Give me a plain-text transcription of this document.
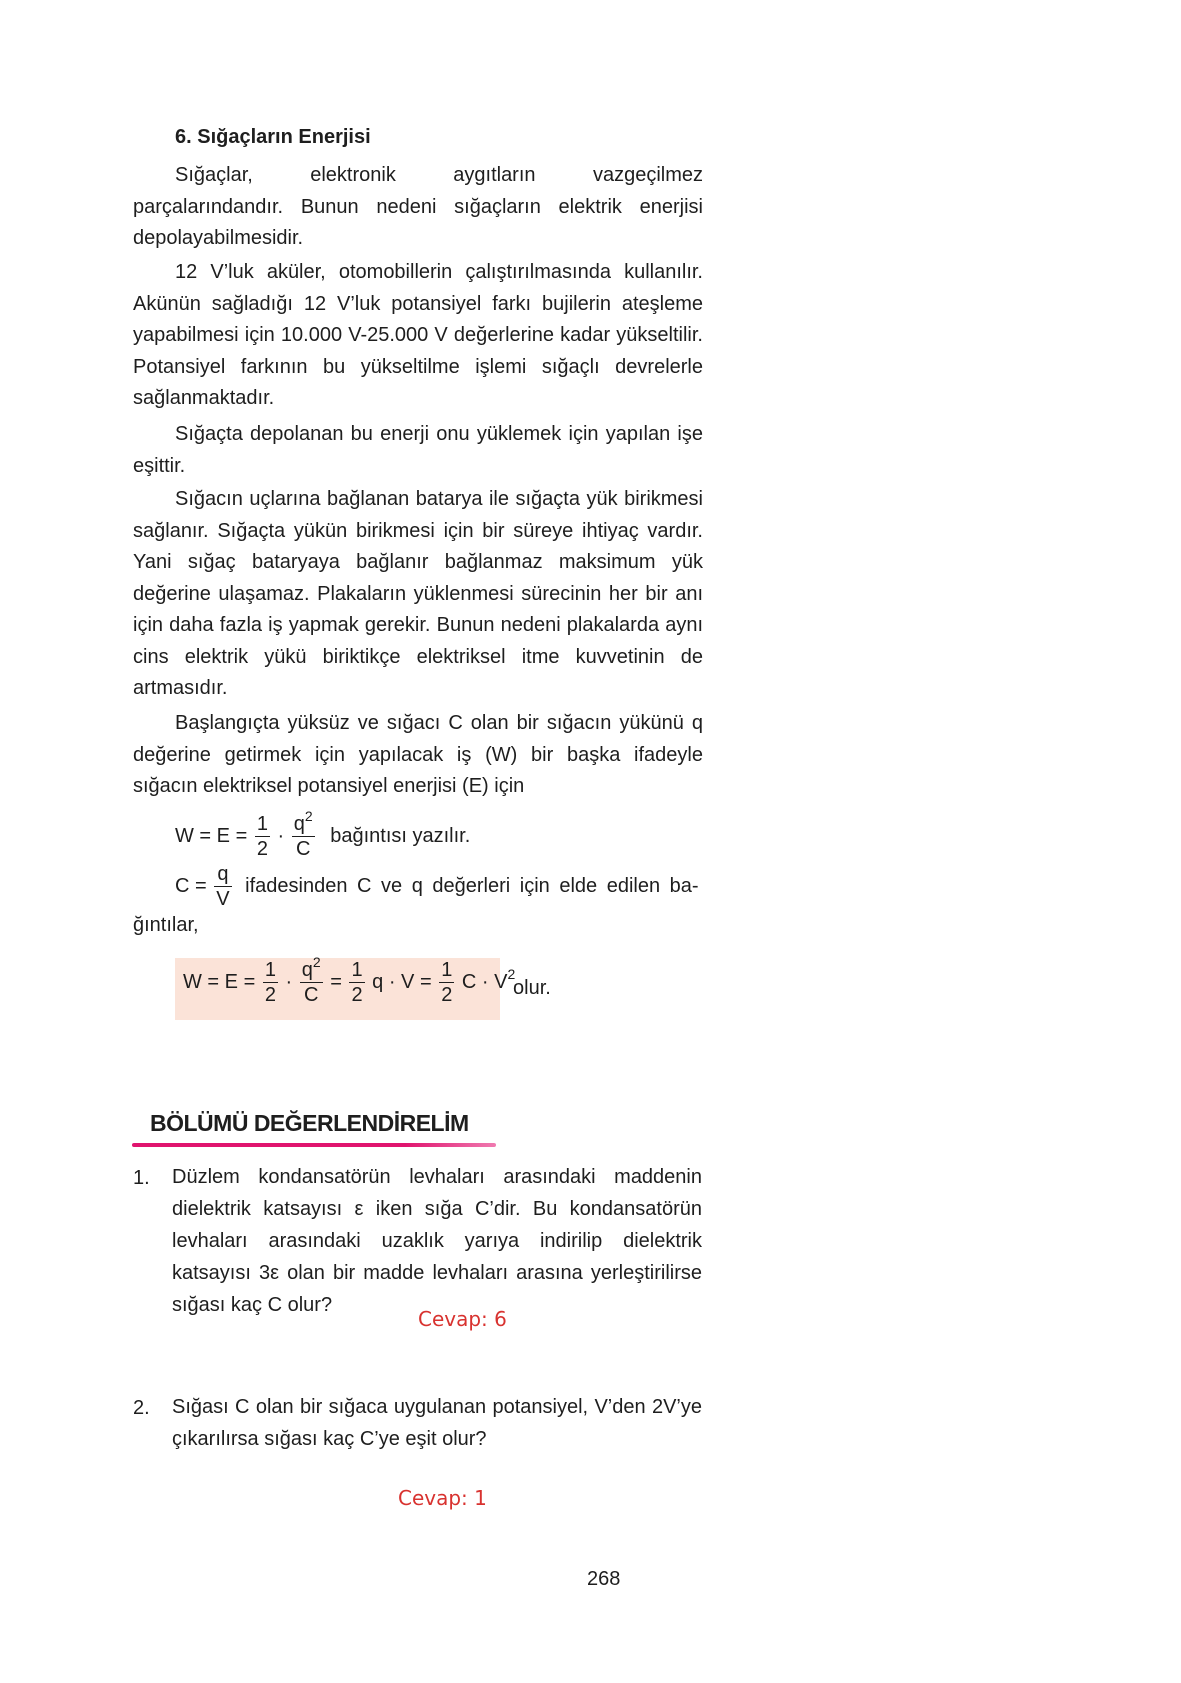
6. Sığaçların Enerjisi

Sığaçlar, elektronik aygıtların vazgeçilmez parçalarındandır. Bunun nedeni sığaçların elektrik enerjisi depolayabilmesidir.

12 V’luk aküler, otomobillerin çalıştırılmasında kullanılır. Akünün sağladığı 12 V’luk potansiyel farkı bujilerin ateşleme yapabilmesi için 10.000 V-25.000 V değerlerine kadar yükseltilir. Potansiyel farkının bu yükseltilme işlemi sığaçlı devrelerle sağlanmaktadır.

Sığaçta depolanan bu enerji onu yüklemek için yapılan işe eşittir.

Sığacın uçlarına bağlanan batarya ile sığaçta yük birikmesi sağlanır. Sığaçta yükün birikmesi için bir süreye ihtiyaç vardır. Yani sığaç bataryaya bağlanır bağlanmaz maksimum yük değerine ulaşamaz. Plakaların yüklenmesi sürecinin her bir anı için daha fazla iş yapmak gerekir. Bunun nedeni plakalarda aynı cins elektrik yükü biriktikçe elektriksel itme kuvvetinin de artmasıdır.

Başlangıçta yüksüz ve sığacı C olan bir sığacın yükünü q değerine getirmek için yapılacak iş (W) bir başka ifadeyle sığacın elektriksel potansiyel enerjisi (E) için

$W = E = \frac{1}{2} \cdot \frac{q^2}{C}$ bağıntısı yazılır.
$C = \frac{q}{V}$ ifadesinden C ve q değerleri için elde edilen ba-
ğıntılar,
$W = E = \frac{1}{2} \cdot \frac{q^2}{C} = \frac{1}{2}$ $q \cdot V = \frac{1}{2}$ $C \cdot V^2$
olur.
BÖLÜMÜ DEĞERLENDİRELİM
1. Düzlem kondansatörün levhaları arasındaki maddenin dielektrik katsayısı ε iken sığa C’dir. Bu kondansatörün levhaları arasındaki uzaklık yarıya indirilip dielektrik katsayısı 3ε olan bir madde levhaları arasına yerleştirilirse sığası kaç C olur?

Cevap: 6
2. Sığası C olan bir sığaca uygulanan potansiyel, V’den 2V’ye çıkarılırsa sığası kaç C’ye eşit olur?

Cevap: 1
268
